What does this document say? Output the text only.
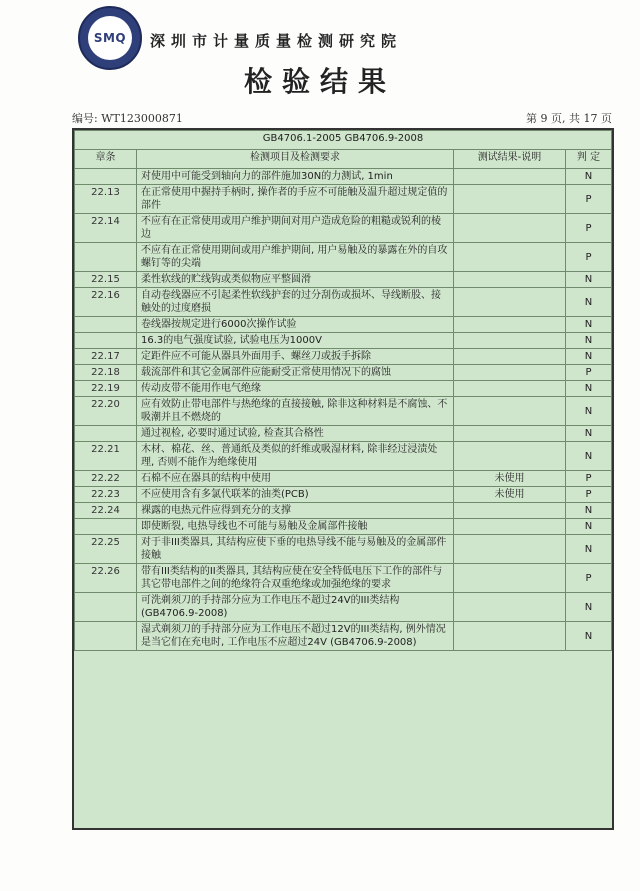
SMQ	深圳市计量质量检测研究院
检验结果
编号: WT123000871	第 9 页, 共 17 页
GB4706.1-2005 GB4706.9-2008			
章条	检测项目及检测要求	测试结果-说明	判 定
	对使用中可能受到轴向力的部件施加30N的力测试, 1min		N
22.13	在正常使用中握持手柄时, 操作者的手应不可能触及温升超过规定值的部件		P
22.14	不应有在正常使用或用户维护期间对用户造成危险的粗糙或锐利的棱边		P
	不应有在正常使用期间或用户维护期间, 用户易触及的暴露在外的自攻螺钉等的尖端		P
22.15	柔性软线的贮线钩或类似物应平整圆滑		N
22.16	自动卷线器应不引起柔性软线护套的过分刮伤或损坏、导线断股、接触处的过度磨损		N
	卷线器按规定进行6000次操作试验		N
	16.3的电气强度试验, 试验电压为1000V		N
22.17	定距件应不可能从器具外面用手、螺丝刀或扳手拆除		N
22.18	载流部件和其它金属部件应能耐受正常使用情况下的腐蚀		P
22.19	传动皮带不能用作电气绝缘		N
22.20	应有效防止带电部件与热绝缘的直接接触, 除非这种材料是不腐蚀、不吸潮并且不燃烧的		N
	通过视检, 必要时通过试验, 检查其合格性		N
22.21	木材、棉花、丝、普通纸及类似的纤维或吸湿材料, 除非经过浸渍处理, 否则不能作为绝缘使用		N
22.22	石棉不应在器具的结构中使用	未使用	P
22.23	不应使用含有多氯代联苯的油类(PCB)	未使用	P
22.24	裸露的电热元件应得到充分的支撑		N
	即使断裂, 电热导线也不可能与易触及金属部件接触		N
22.25	对于非III类器具, 其结构应使下垂的电热导线不能与易触及的金属部件接触		N
22.26	带有III类结构的II类器具, 其结构应使在安全特低电压下工作的部件与其它带电部件之间的绝缘符合双重绝缘或加强绝缘的要求		P
	可洗剃须刀的手持部分应为工作电压不超过24V的III类结构 (GB4706.9-2008)		N
	湿式剃须刀的手持部分应为工作电压不超过12V的III类结构, 例外情况是当它们在充电时, 工作电压不应超过24V (GB4706.9-2008)		N
